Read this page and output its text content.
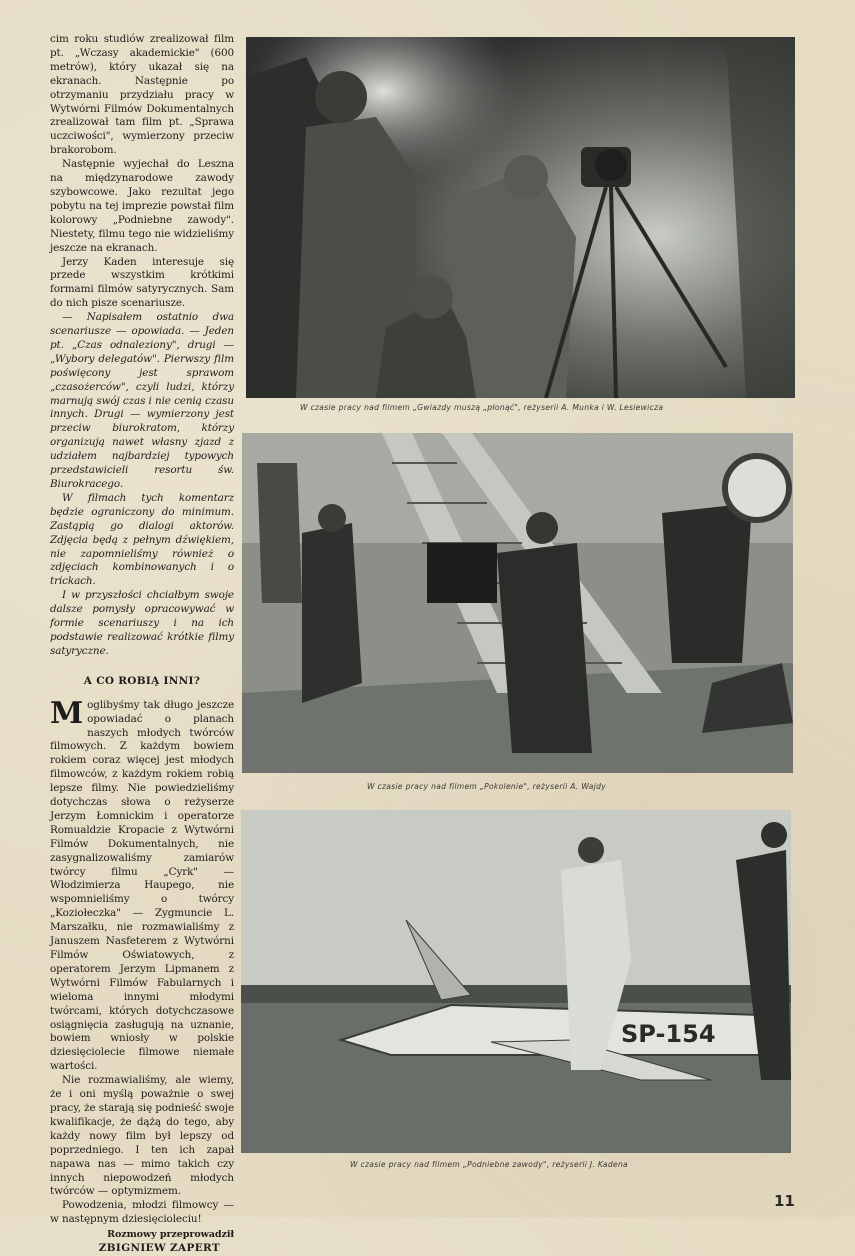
cim roku studiów zrealizował film pt. „Wczasy akademickie" (600 metrów), który ukazał się na ekranach. Następnie po otrzymaniu przydziału pracy w Wytwórni Filmów Dokumentalnych zrealizował tam film pt. „Sprawa uczciwości", wymierzony przeciw brakorobom.

Następnie wyjechał do Leszna na międzynarodowe zawody szybowcowe. Jako rezultat jego pobytu na tej imprezie powstał film kolorowy „Podniebne zawody". Niestety, filmu tego nie widzieliśmy jeszcze na ekranach.

Jerzy Kaden interesuje się przede wszystkim krótkimi formami filmów satyrycznych. Sam do nich pisze scenariusze.

— Napisałem ostatnio dwa scenariusze — opowiada. — Jeden pt. „Czas odnaleziony", drugi — „Wybory delegatów". Pierwszy film poświęcony jest sprawom „czasożerców", czyli ludzi, którzy marnują swój czas i nie cenią czasu innych. Drugi — wymierzony jest przeciw biurokratom, którzy organizują nawet własny zjazd z udziałem najbardziej typowych przedstawicieli resortu św. Biurokracego.

W filmach tych komentarz będzie ograniczony do minimum. Zastąpią go dialogi aktorów. Zdjęcia będą z pełnym dźwiękiem, nie zapomnieliśmy również o zdjęciach kombinowanych i o trickach.

I w przyszłości chciałbym swoje dalsze pomysły opracowywać w formie scenariuszy i na ich podstawie realizować krótkie filmy satyryczne.

A CO ROBIĄ INNI?

Moglibyśmy tak długo jeszcze opowiadać o planach naszych młodych twórców filmowych. Z każdym bowiem rokiem coraz więcej jest młodych filmowców, z każdym rokiem robią lepsze filmy. Nie powiedzieliśmy dotychczas słowa o reżyserze Jerzym Łomnickim i operatorze Romualdzie Kropacie z Wytwórni Filmów Dokumentalnych, nie zasygnalizowaliśmy zamiarów twórcy filmu „Cyrk" — Włodzimierza Haupego, nie wspomnieliśmy o twórcy „Koziołeczka" — Zygmuncie L. Marszałku, nie rozmawialiśmy z Januszem Nasfeterem z Wytwórni Filmów Oświatowych, z operatorem Jerzym Lipmanem z Wytwórni Filmów Fabularnych i wieloma innymi młodymi twórcami, których dotychczasowe osiągnięcia zasługują na uznanie, bowiem wniosły w polskie dziesięciolecie filmowe niemałe wartości.

Nie rozmawialiśmy, ale wiemy, że i oni myślą poważnie o swej pracy, że starają się podnieść swoje kwalifikacje, że dążą do tego, aby każdy nowy film był lepszy od poprzedniego. I ten ich zapał napawa nas — mimo takich czy innych niepowodzeń młodych twórców — optymizmem.

Powodzenia, młodzi filmowcy — w następnym dziesięcioleciu!

Rozmowy przeprowadził
ZBIGNIEW ZAPERT
W czasie pracy nad filmem „Gwiazdy muszą „płonąć", reżyserii A. Munka i W. Lesiewicza
W czasie pracy nad filmem „Pokolenie", reżyserii A. Wajdy
SP-154
W czasie pracy nad filmem „Podniebne zawody", reżyserii J. Kadena
11
